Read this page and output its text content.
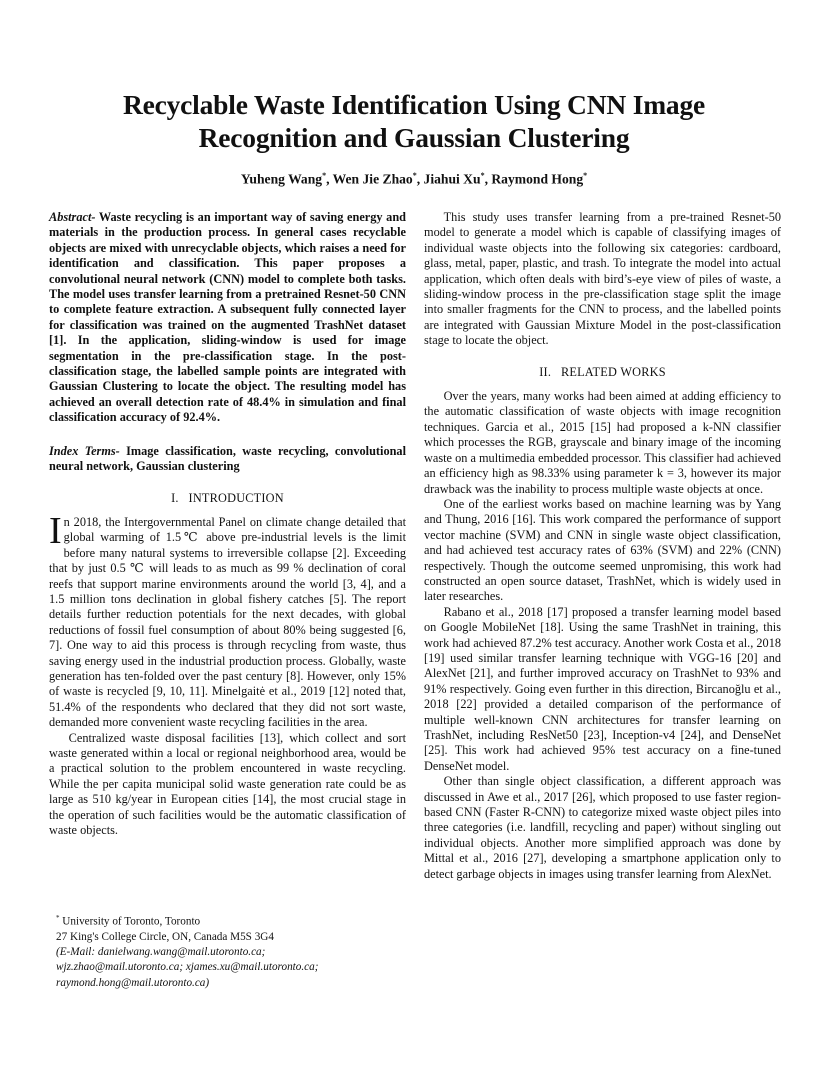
Recyclable Waste Identification Using CNN Image
Recognition and Gaussian Clustering
Yuheng Wang*, Wen Jie Zhao*, Jiahui Xu*, Raymond Hong*

Abstract- Waste recycling is an important way of saving energy and materials in the production process. In general cases recyclable objects are mixed with unrecyclable objects, which raises a need for identification and classification. This paper proposes a convolutional neural network (CNN) model to complete both tasks. The model uses transfer learning from a pretrained Resnet-50 CNN to complete feature extraction. A subsequent fully connected layer for classification was trained on the augmented TrashNet dataset [1]. In the application, sliding-window is used for image segmentation in the pre-classification stage. In the post-classification stage, the labelled sample points are integrated with Gaussian Clustering to locate the object. The resulting model has achieved an overall detection rate of 48.4% in simulation and final classification accuracy of 92.4%.

Index Terms- Image classification, waste recycling, convolutional neural network, Gaussian clustering

I. INTRODUCTION

In 2018, the Intergovernmental Panel on climate change detailed that global warming of 1.5℃ above pre-industrial levels is the limit before many natural systems to irreversible collapse [2]. Exceeding that by just 0.5 ℃ will leads to as much as 99 % declination of coral reefs that support marine environments around the world [3, 4], and a 1.5 million tons declination in global fishery catches [5]. The report details further reduction potentials for the next decades, with global reductions of fossil fuel consumption of about 80% being suggested [6, 7]. One way to aid this process is through recycling from waste, thus saving energy used in the industrial production process. Globally, waste generation has ten-folded over the past century [8]. However, only 15% of waste is recycled [9, 10, 11]. Minelgaitė et al., 2019 [12] noted that, 51.4% of the respondents who declared that they did not sort waste, demanded more convenient waste recycling facilities in the area.

Centralized waste disposal facilities [13], which collect and sort waste generated within a local or regional neighborhood area, would be a practical solution to the problem encountered in waste recycling. While the per capita municipal solid waste generation rate could be as large as 510 kg/year in European cities [14], the most crucial stage in the operation of such facilities would be the automatic classification of waste objects.

This study uses transfer learning from a pre-trained Resnet-50 model to generate a model which is capable of classifying images of individual waste objects into the following six categories: cardboard, glass, metal, paper, plastic, and trash. To integrate the model into actual application, which often deals with bird’s-eye view of piles of waste, a sliding-window process in the pre-classification stage split the image into smaller fragments for the CNN to process, and the labelled points are integrated with Gaussian Mixture Model in the post-classification stage to locate the object.

II. RELATED WORKS

Over the years, many works had been aimed at adding efficiency to the automatic classification of waste objects with image recognition techniques. Garcia et al., 2015 [15] had proposed a k-NN classifier which processes the RGB, grayscale and binary image of the incoming waste on a multimedia embedded processor. This classifier had achieved an efficiency high as 98.33% using parameter k = 3, however its major drawback was the inability to process multiple waste objects at once.

One of the earliest works based on machine learning was by Yang and Thung, 2016 [16]. This work compared the performance of support vector machine (SVM) and CNN in single waste object classification, and had achieved test accuracy rates of 63% (SVM) and 22% (CNN) respectively. Though the outcome seemed unpromising, this work had constructed an open source dataset, TrashNet, which is widely used in later researches.

Rabano et al., 2018 [17] proposed a transfer learning model based on Google MobileNet [18]. Using the same TrashNet in training, this work had achieved 87.2% test accuracy. Another work Costa et al., 2018 [19] used similar transfer learning technique with VGG-16 [20] and AlexNet [21], and further improved accuracy on TrashNet to 93% and 91% respectively. Going even further in this direction, Bircanoğlu et al., 2018 [22] provided a detailed comparison of the performance of multiple well-known CNN architectures for transfer learning on TrashNet, including ResNet50 [23], Inception-v4 [24], and DenseNet [25]. This work had achieved 95% test accuracy on a fine-tuned DenseNet model.

Other than single object classification, a different approach was discussed in Awe et al., 2017 [26], which proposed to use faster region-based CNN (Faster R-CNN) to categorize mixed waste object piles into three categories (i.e. landfill, recycling and paper) without singling out individual objects. Another more simplified approach was done by Mittal et al., 2016 [27], developing a smartphone application only to detect garbage objects in images using transfer learning from AlexNet.

* University of Toronto, Toronto
27 King's College Circle, ON, Canada M5S 3G4
(E-Mail: danielwang.wang@mail.utoronto.ca;
wjz.zhao@mail.utoronto.ca; xjames.xu@mail.utoronto.ca;
raymond.hong@mail.utoronto.ca)
